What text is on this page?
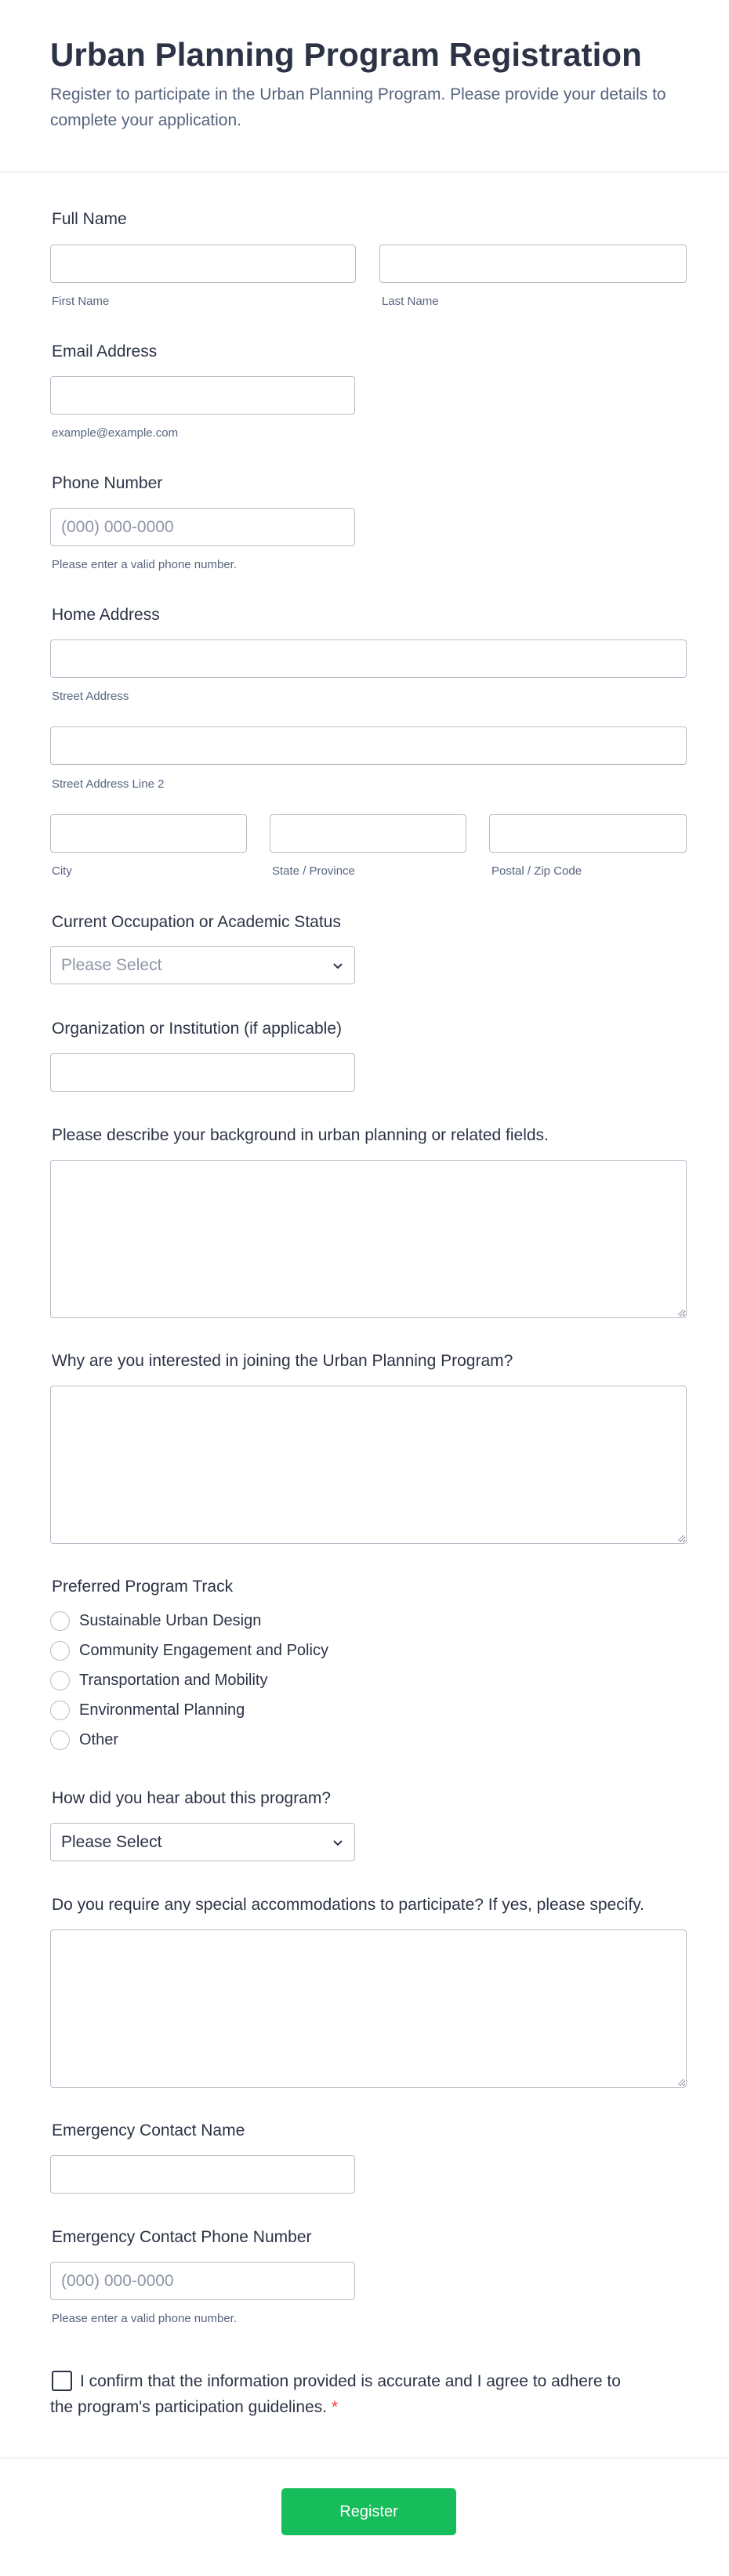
Urban Planning Program Registration

Register to participate in the Urban Planning Program. Please provide your details to complete your application.

Full Name
First Name	Last Name
Email Address
example@example.com
Phone Number
(000) 000-0000
Please enter a valid phone number.
Home Address
Street Address
Street Address Line 2
City	State / Province	Postal / Zip Code
Current Occupation or Academic Status
Please Select
Organization or Institution (if applicable)
Please describe your background in urban planning or related fields.
Why are you interested in joining the Urban Planning Program?
Preferred Program Track
Sustainable Urban Design
Community Engagement and Policy
Transportation and Mobility
Environmental Planning
Other
How did you hear about this program?
Please Select
Do you require any special accommodations to participate? If yes, please specify.
Emergency Contact Name
Emergency Contact Phone Number
(000) 000-0000
Please enter a valid phone number.

I confirm that the information provided is accurate and I agree to adhere to the program's participation guidelines. *

Register
